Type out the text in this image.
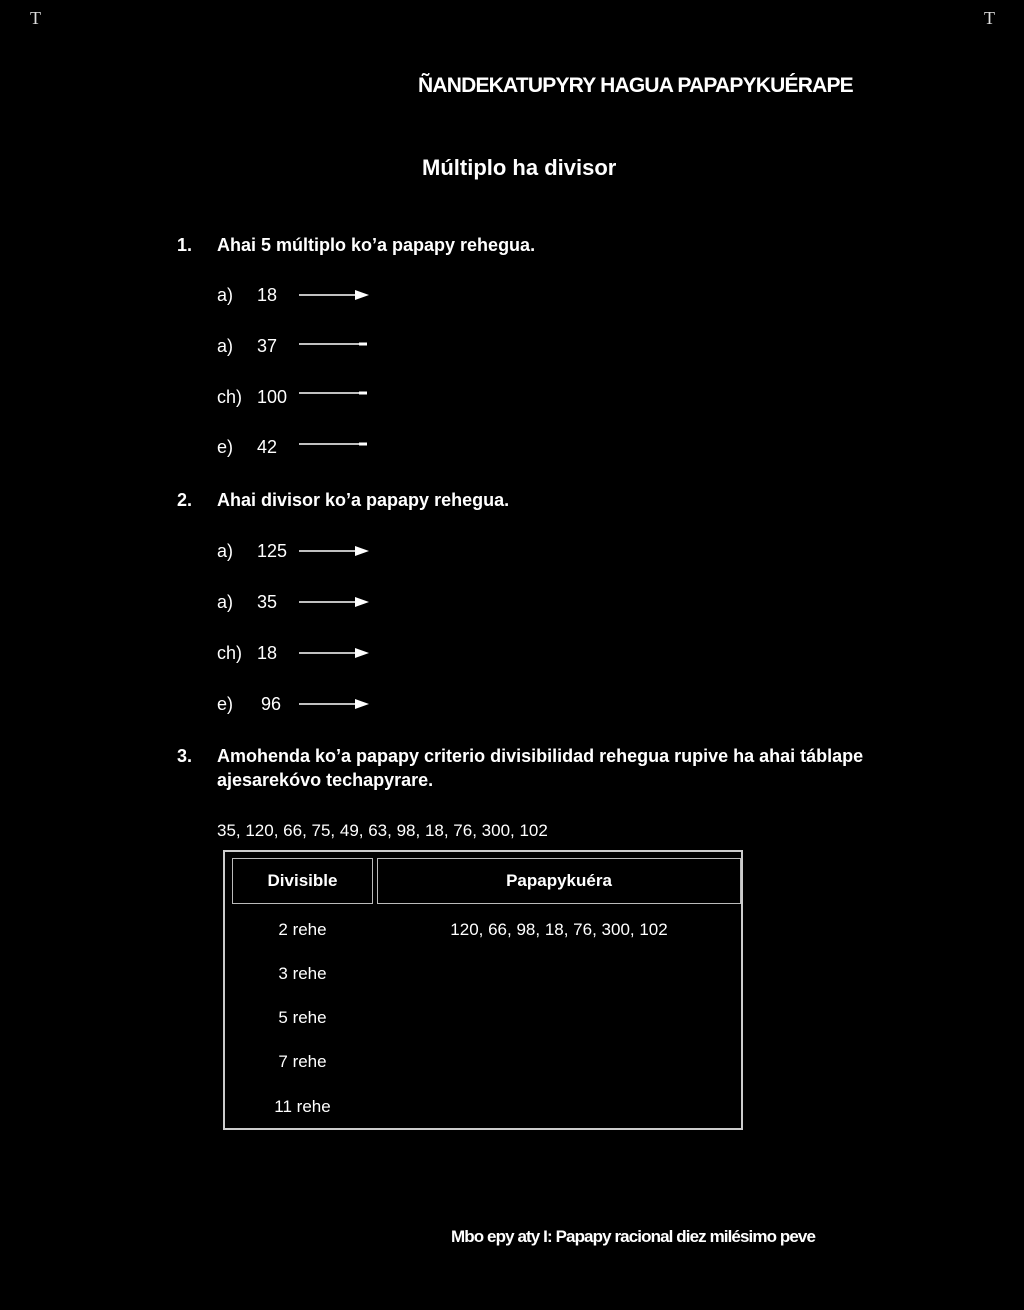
T	T
ÑANDEKATUPYRY HAGUA PAPAPYKUÉRAPE
Múltiplo ha divisor
1. Ahai 5 múltiplo ko’a papapy rehegua.
a)	18
a)	37
ch) 100
e)	42
2. Ahai divisor ko’a papapy rehegua.
a)	125
a)	35
ch) 18
e)	96
3. Amohenda ko’a papapy criterio divisibilidad rehegua rupive ha ahai táblape ajesarekóvo techapyrare.
35, 120, 66, 75, 49, 63, 98, 18, 76, 300, 102
Divisible	Papapykuéra
2 rehe	120, 66, 98, 18, 76, 300, 102
3 rehe
5 rehe
7 rehe
11 rehe
Mbo epy aty I: Papapy racional diez milésimo peve
